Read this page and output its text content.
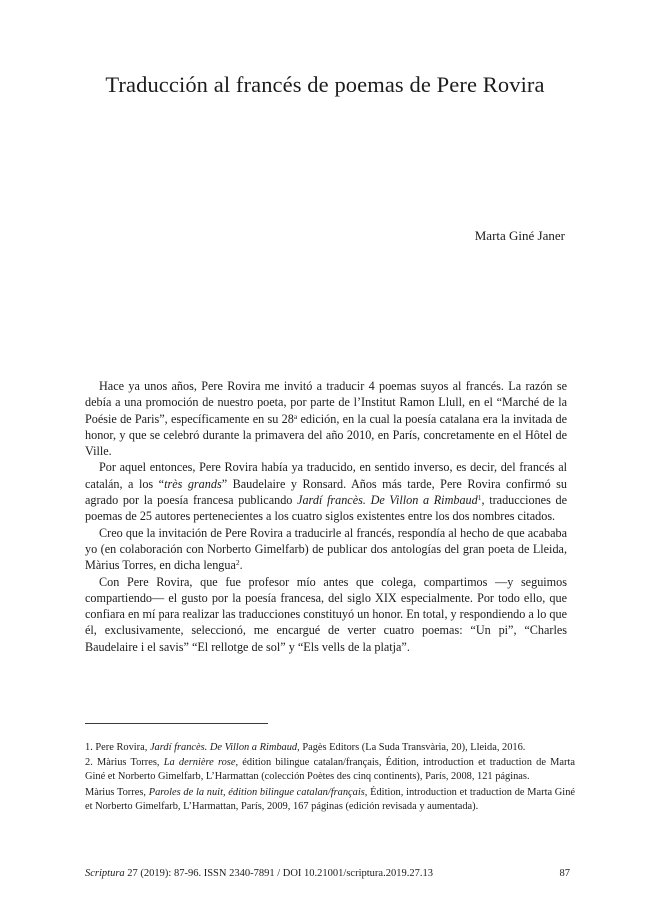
Traducción al francés de poemas de Pere Rovira

Marta Giné Janer

Hace ya unos años, Pere Rovira me invitó a traducir 4 poemas suyos al francés. La razón se debía a una promoción de nuestro poeta, por parte de l’Institut Ramon Llull, en el “Marché de la Poésie de Paris”, específicamente en su 28$^a$ edición, en la cual la poesía catalana era la invitada de honor, y que se celebró durante la primavera del año 2010, en París, concretamente en el Hôtel de Ville.

Por aquel entonces, Pere Rovira había ya traducido, en sentido inverso, es decir, del francés al catalán, a los “très grands” Baudelaire y Ronsard. Años más tarde, Pere Rovira confirmó su agrado por la poesía francesa publicando Jardí francès. De Villon a Rimbaud$^1$, traducciones de poemas de 25 autores pertenecientes a los cuatro siglos existentes entre los dos nombres citados.

Creo que la invitación de Pere Rovira a traducirle al francés, respondía al hecho de que acababa yo (en colaboración con Norberto Gimelfarb) de publicar dos antologías del gran poeta de Lleida, Màrius Torres, en dicha lengua$^2$.

Con Pere Rovira, que fue profesor mío antes que colega, compartimos —y seguimos compartiendo— el gusto por la poesía francesa, del siglo XIX especialmente. Por todo ello, que confiara en mí para realizar las traducciones constituyó un honor. En total, y respondiendo a lo que él, exclusivamente, seleccionó, me encargué de verter cuatro poemas: “Un pi”, “Charles Baudelaire i el savis” “El rellotge de sol” y “Els vells de la platja”.

1. Pere Rovira, Jardí francès. De Villon a Rimbaud, Pagès Editors (La Suda Transvària, 20), Lleida, 2016.

2. Màrius Torres, La dernière rose, édition bilingue catalan/français, Édition, introduction et traduction de Marta Giné et Norberto Gimelfarb, L’Harmattan (colección Poètes des cinq continents), París, 2008, 121 páginas.

Màrius Torres, Paroles de la nuit, édition bilingue catalan/français, Édition, introduction et traduction de Marta Giné et Norberto Gimelfarb, L’Harmattan, París, 2009, 167 páginas (edición revisada y aumentada).

Scriptura 27 (2019): 87-96. ISSN 2340-7891 / DOI 10.21001/scriptura.2019.27.13	87
